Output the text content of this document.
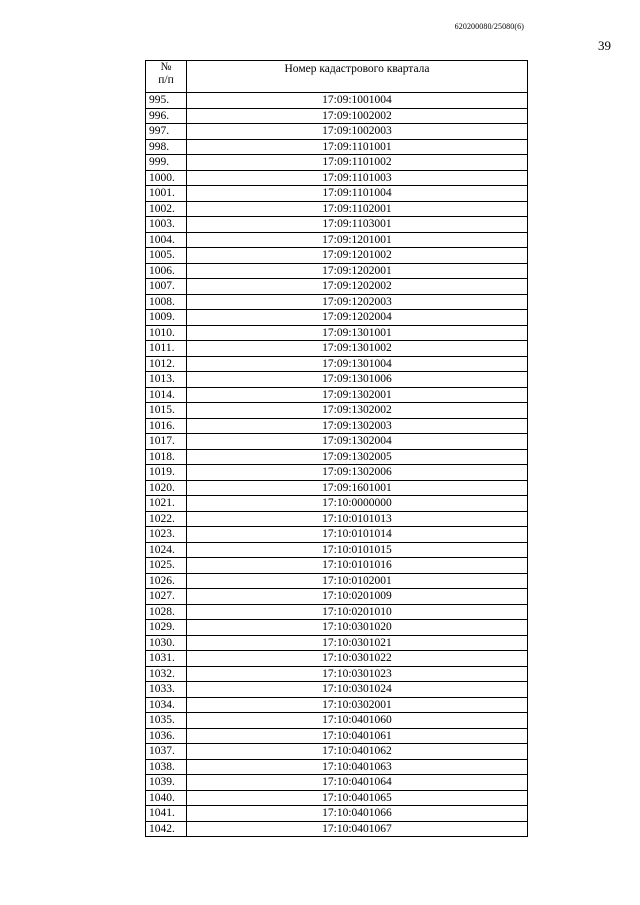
620200080/25080(6)
39
№
п/п	Номер кадастрового квартала
995.	17:09:1001004
996.	17:09:1002002
997.	17:09:1002003
998.	17:09:1101001
999.	17:09:1101002
1000.	17:09:1101003
1001.	17:09:1101004
1002.	17:09:1102001
1003.	17:09:1103001
1004.	17:09:1201001
1005.	17:09:1201002
1006.	17:09:1202001
1007.	17:09:1202002
1008.	17:09:1202003
1009.	17:09:1202004
1010.	17:09:1301001
1011.	17:09:1301002
1012.	17:09:1301004
1013.	17:09:1301006
1014.	17:09:1302001
1015.	17:09:1302002
1016.	17:09:1302003
1017.	17:09:1302004
1018.	17:09:1302005
1019.	17:09:1302006
1020.	17:09:1601001
1021.	17:10:0000000
1022.	17:10:0101013
1023.	17:10:0101014
1024.	17:10:0101015
1025.	17:10:0101016
1026.	17:10:0102001
1027.	17:10:0201009
1028.	17:10:0201010
1029.	17:10:0301020
1030.	17:10:0301021
1031.	17:10:0301022
1032.	17:10:0301023
1033.	17:10:0301024
1034.	17:10:0302001
1035.	17:10:0401060
1036.	17:10:0401061
1037.	17:10:0401062
1038.	17:10:0401063
1039.	17:10:0401064
1040.	17:10:0401065
1041.	17:10:0401066
1042.	17:10:0401067
